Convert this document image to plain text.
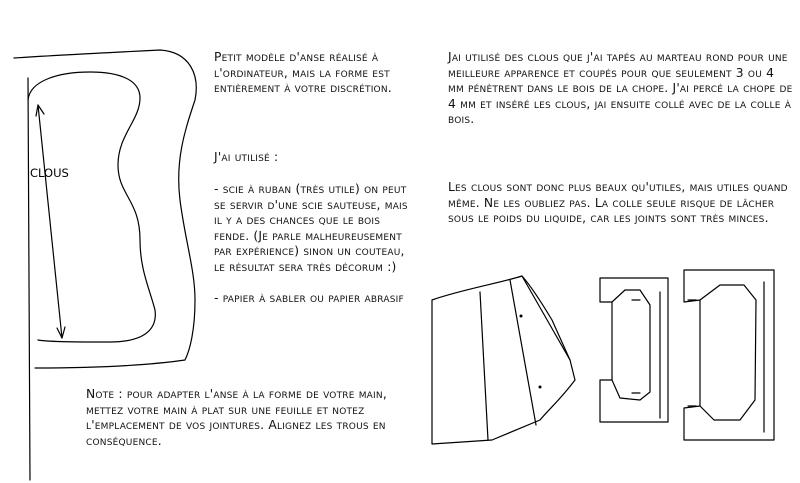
CLOUS

Petit modèle d'anse réalisé à l'ordinateur, mais la forme est entièrement à votre discrétion.

J'ai utilisé :

- scie à ruban (très utile) on peut se servir d'une scie sauteuse, mais il y a des chances que le bois fende. (Je parle malheureusement par expérience) sinon un couteau, le résultat sera très décorum :)
- papier à sabler ou papier abrasif

Note : pour adapter l'anse à la forme de votre main, mettez votre main à plat sur une feuille et notez l'emplacement de vos jointures. Alignez les trous en conséquence.

Jai utilisé des clous que j'ai tapés au marteau rond pour une meilleure apparence et coupés pour que seulement 3 ou 4 mm pénètrent dans le bois de la chope. J'ai percé la chope de 4 mm et inséré les clous, jai ensuite collé avec de la colle à bois.

Les clous sont donc plus beaux qu'utiles, mais utiles quand même. Ne les oubliez pas. La colle seule risque de lâcher sous le poids du liquide, car les joints sont très minces.
